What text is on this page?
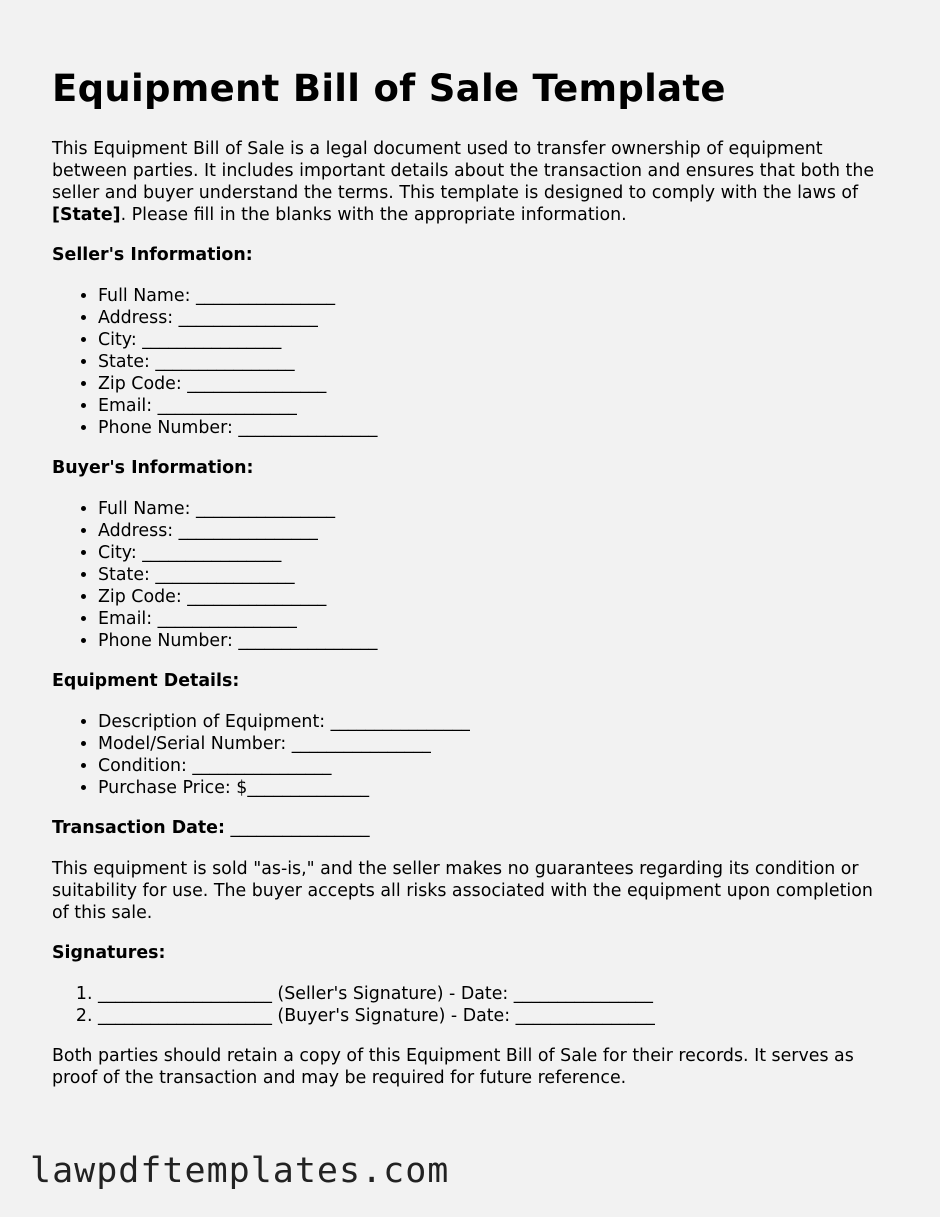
Equipment Bill of Sale Template

This Equipment Bill of Sale is a legal document used to transfer ownership of equipment between parties. It includes important details about the transaction and ensures that both the seller and buyer understand the terms. This template is designed to comply with the laws of [State]. Please fill in the blanks with the appropriate information.

Seller's Information:
• Full Name: ________________
• Address: ________________
• City: ________________
• State: ________________
• Zip Code: ________________
• Email: ________________
• Phone Number: ________________
Buyer's Information:
• Full Name: ________________
• Address: ________________
• City: ________________
• State: ________________
• Zip Code: ________________
• Email: ________________
• Phone Number: ________________
Equipment Details:
• Description of Equipment: ________________
• Model/Serial Number: ________________
• Condition: ________________
• Purchase Price: $______________
Transaction Date: ________________

This equipment is sold "as-is," and the seller makes no guarantees regarding its condition or suitability for use. The buyer accepts all risks associated with the equipment upon completion of this sale.

Signatures:
1. ____________________ (Seller's Signature) - Date: ________________
2. ____________________ (Buyer's Signature) - Date: ________________

Both parties should retain a copy of this Equipment Bill of Sale for their records. It serves as proof of the transaction and may be required for future reference.

lawpdftemplates.com
